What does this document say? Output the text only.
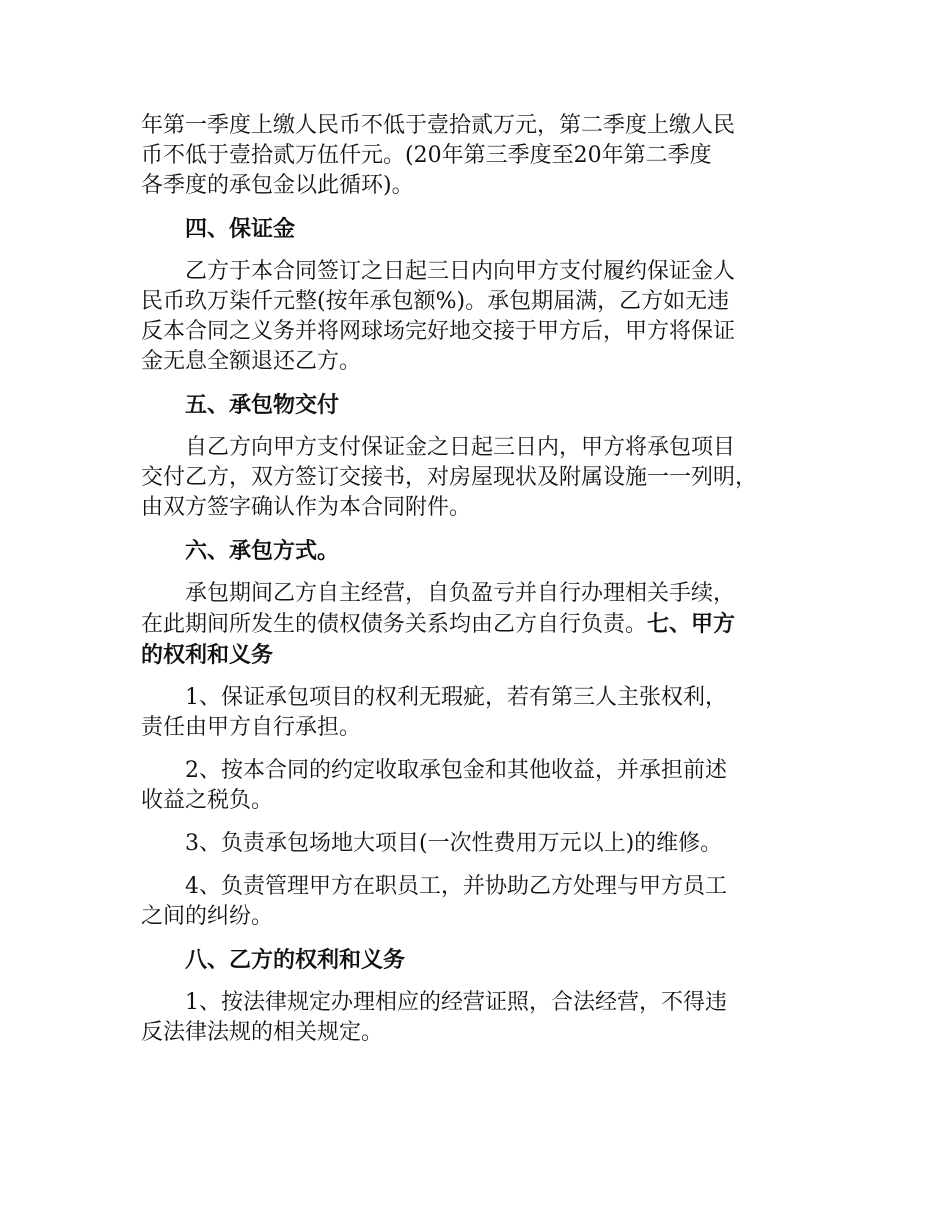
年第一季度上缴人民币不低于壹拾贰万元，第二季度上缴人民
币不低于壹拾贰万伍仟元。(20年第三季度至20年第二季度
各季度的承包金以此循环)。

四、保证金

乙方于本合同签订之日起三日内向甲方支付履约保证金人
民币玖万柒仟元整(按年承包额%)。承包期届满，乙方如无违
反本合同之义务并将网球场完好地交接于甲方后，甲方将保证
金无息全额退还乙方。

五、承包物交付

自乙方向甲方支付保证金之日起三日内，甲方将承包项目
交付乙方，双方签订交接书，对房屋现状及附属设施一一列明，
由双方签字确认作为本合同附件。

六、承包方式。

承包期间乙方自主经营，自负盈亏并自行办理相关手续，
在此期间所发生的债权债务关系均由乙方自行负责。七、甲方
的权利和义务

1、保证承包项目的权利无瑕疵，若有第三人主张权利，
责任由甲方自行承担。

2、按本合同的约定收取承包金和其他收益，并承担前述
收益之税负。

3、负责承包场地大项目(一次性费用万元以上)的维修。

4、负责管理甲方在职员工，并协助乙方处理与甲方员工
之间的纠纷。

八、乙方的权利和义务

1、按法律规定办理相应的经营证照，合法经营，不得违
反法律法规的相关规定。
